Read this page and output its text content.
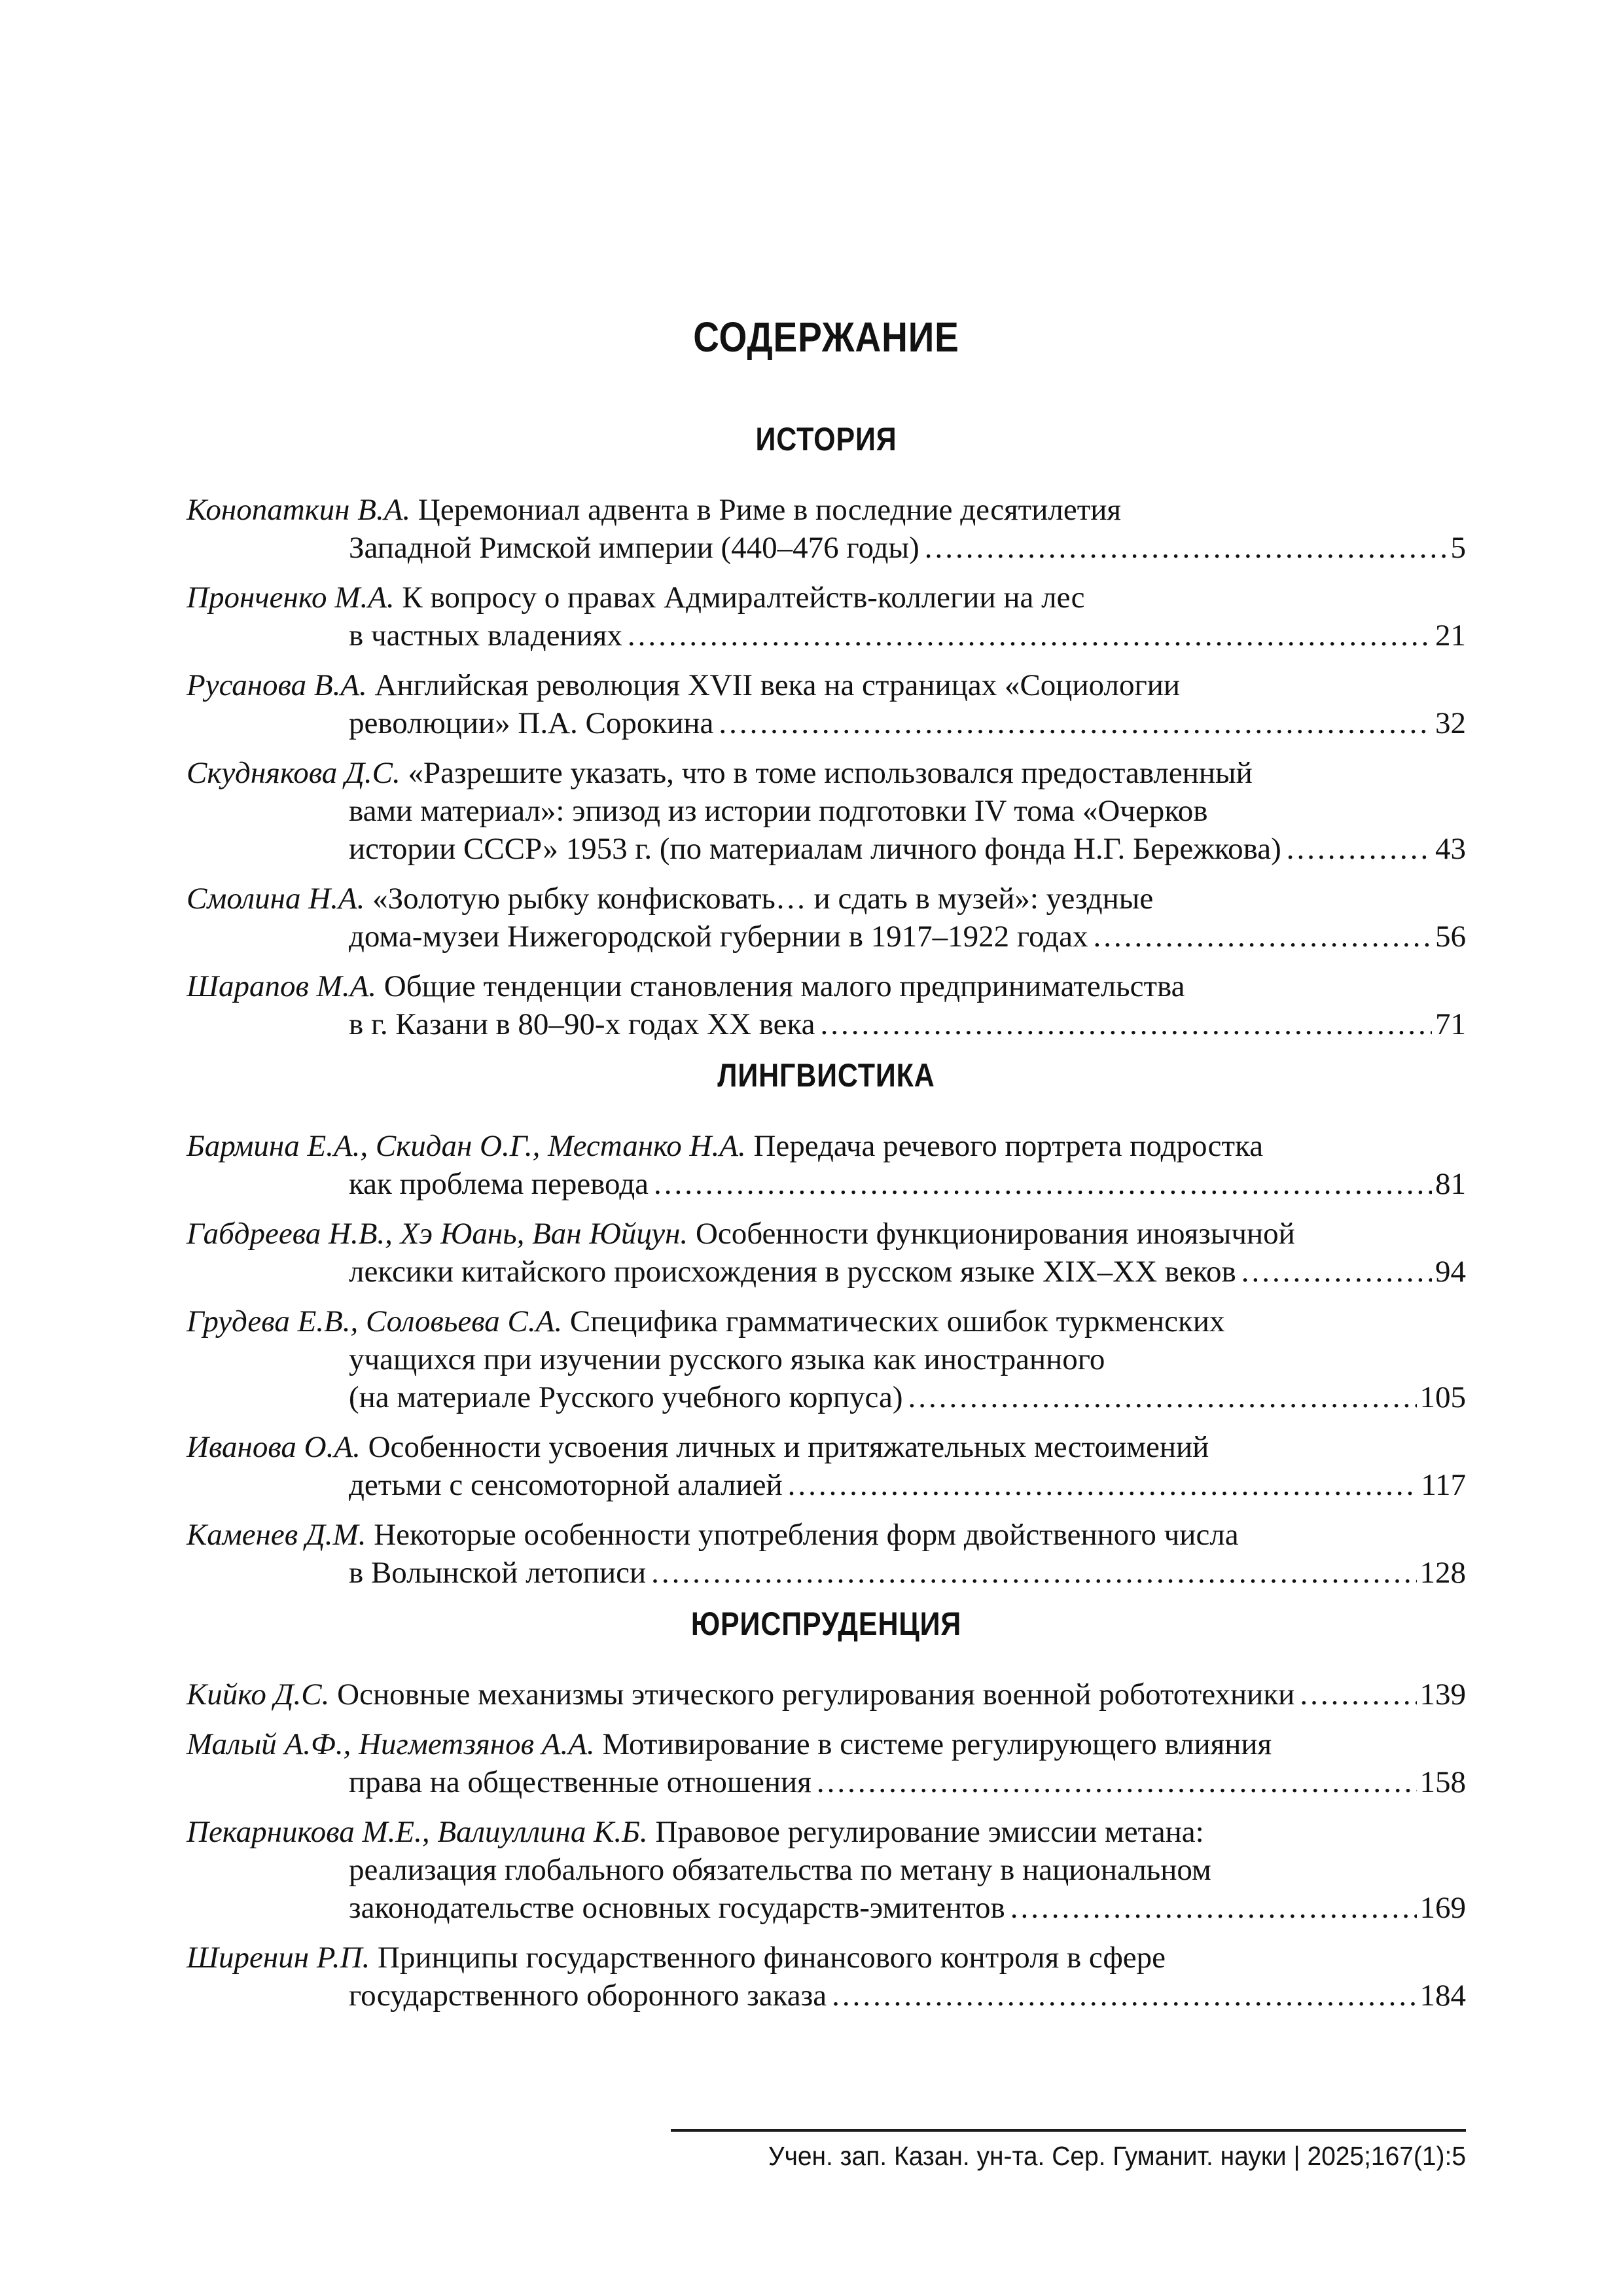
СОДЕРЖАНИЕ
ИСТОРИЯ
Конопаткин В.А. Церемониал адвента в Риме в последние десятилетия
Западной Римской империи (440–476 годы) .....	5
Пронченко М.А. К вопросу о правах Адмиралтейств-коллегии на лес
в частных владениях .....	21
Русанова В.А. Английская революция XVII века на страницах «Социологии
революции» П.А. Сорокина .....	32
Скуднякова Д.С. «Разрешите указать, что в томе использовался предоставленный
вами материал»: эпизод из истории подготовки IV тома «Очерков
истории СССР» 1953 г. (по материалам личного фонда Н.Г. Бережкова) .....	43
Смолина Н.А. «Золотую рыбку конфисковать… и сдать в музей»: уездные
дома-музеи Нижегородской губернии в 1917–1922 годах .....	56
Шарапов М.А. Общие тенденции становления малого предпринимательства
в г. Казани в 80–90-х годах XX века .....	71
ЛИНГВИСТИКА
Бармина Е.А., Скидан О.Г., Местанко Н.А. Передача речевого портрета подростка
как проблема перевода .....	81
Габдреева Н.В., Хэ Юань, Ван Юйцун. Особенности функционирования иноязычной
лексики китайского происхождения в русском языке XIX–XX веков .....	94
Грудева Е.В., Соловьева С.А. Специфика грамматических ошибок туркменских
учащихся при изучении русского языка как иностранного
(на материале Русского учебного корпуса) .....	105
Иванова О.А. Особенности усвоения личных и притяжательных местоимений
детьми с сенсомоторной алалией .....	117
Каменев Д.М. Некоторые особенности употребления форм двойственного числа
в Волынской летописи .....	128
ЮРИСПРУДЕНЦИЯ
Кийко Д.С. Основные механизмы этического регулирования военной робототехники .....	139
Малый А.Ф., Нигметзянов А.А. Мотивирование в системе регулирующего влияния
права на общественные отношения .....	158
Пекарникова М.Е., Валиуллина К.Б. Правовое регулирование эмиссии метана:
реализация глобального обязательства по метану в национальном
законодательстве основных государств-эмитентов .....	169
Ширенин Р.П. Принципы государственного финансового контроля в сфере
государственного оборонного заказа .....	184
Учен. зап. Казан. ун-та. Сер. Гуманит. науки | 2025;167(1):5
